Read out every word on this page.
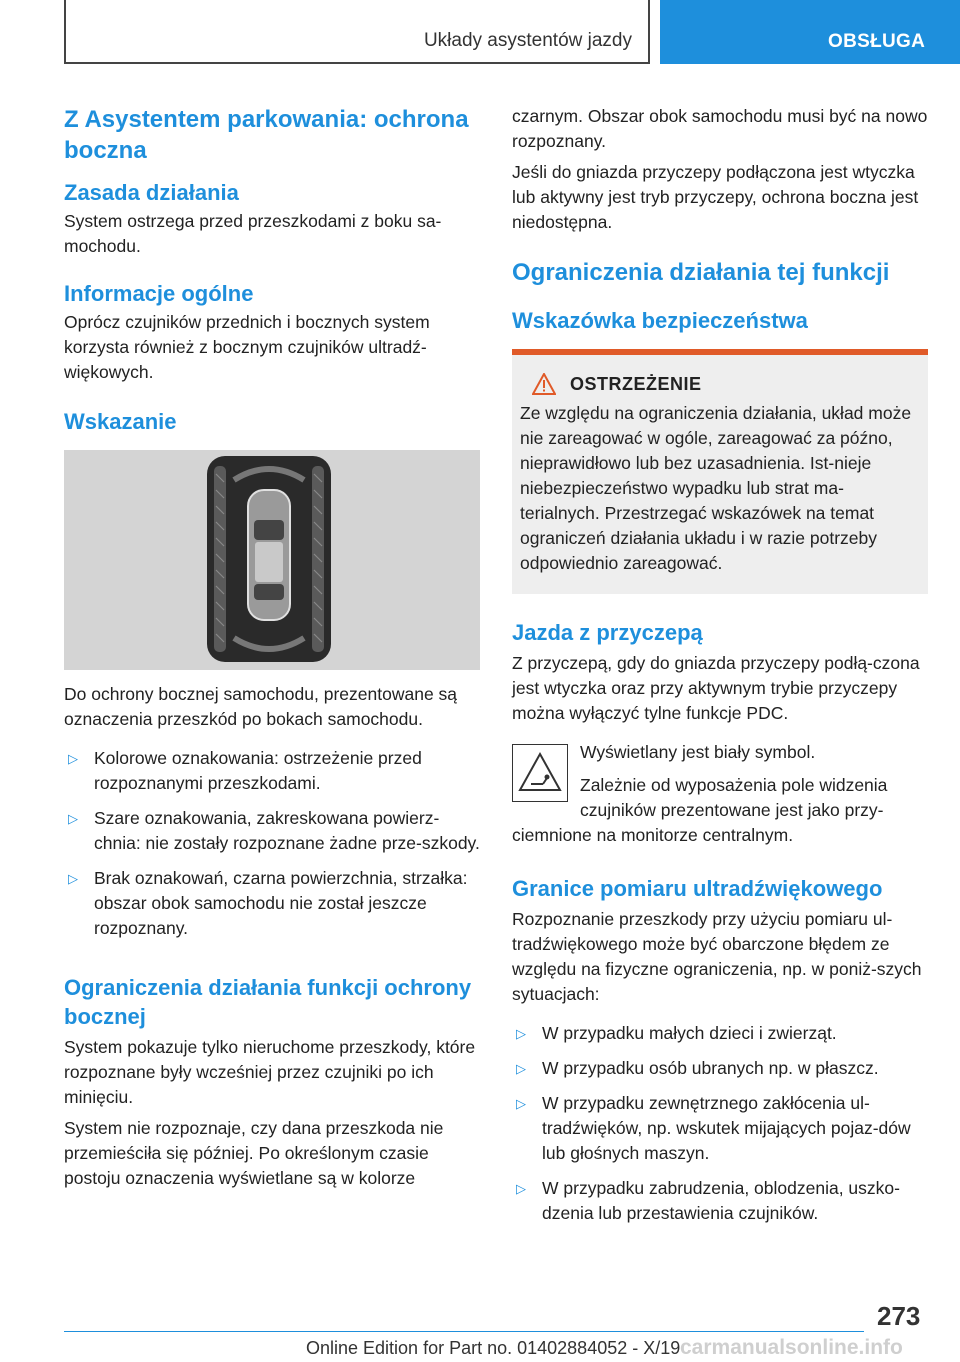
Układy asystentów jazdy	OBSŁUGA
Z Asystentem parkowania: ochrona boczna
Zasada działania
System ostrzega przed przeszkodami z boku sa-mochodu.
Informacje ogólne
Oprócz czujników przednich i bocznych system korzysta również z bocznym czujników ultradź-więkowych.
Wskazanie
Do ochrony bocznej samochodu, prezentowane są oznaczenia przeszkód po bokach samochodu.
▷ Kolorowe oznakowania: ostrzeżenie przed rozpoznanymi przeszkodami.
▷ Szare oznakowania, zakreskowana powierz-chnia: nie zostały rozpoznane żadne prze-szkody.
▷ Brak oznakowań, czarna powierzchnia, strzałka: obszar obok samochodu nie został jeszcze rozpoznany.
Ograniczenia działania funkcji ochrony bocznej
System pokazuje tylko nieruchome przeszkody, które rozpoznane były wcześniej przez czujniki po ich minięciu.
System nie rozpoznaje, czy dana przeszkoda nie przemieściła się później. Po określonym czasie postoju oznaczenia wyświetlane są w kolorze
czarnym. Obszar obok samochodu musi być na nowo rozpoznany.
Jeśli do gniazda przyczepy podłączona jest wtyczka lub aktywny jest tryb przyczepy, ochrona boczna jest niedostępna.
Ograniczenia działania tej funkcji
Wskazówka bezpieczeństwa
OSTRZEŻENIE
Ze względu na ograniczenia działania, układ może nie zareagować w ogóle, zareagować za późno, nieprawidłowo lub bez uzasadnienia. Ist-nieje niebezpieczeństwo wypadku lub strat ma-terialnych. Przestrzegać wskazówek na temat ograniczeń działania układu i w razie potrzeby odpowiednio zareagować.
Jazda z przyczepą
Z przyczepą, gdy do gniazda przyczepy podłą-czona jest wtyczka oraz przy aktywnym trybie przyczepy można wyłączyć tylne funkcje PDC.
Wyświetlany jest biały symbol.
Zależnie od wyposażenia pole widzenia czujników prezentowane jest jako przy-
ciemnione na monitorze centralnym.
Granice pomiaru ultradźwiękowego
Rozpoznanie przeszkody przy użyciu pomiaru ul-tradźwiękowego może być obarczone błędem ze względu na fizyczne ograniczenia, np. w poniż-szych sytuacjach:
▷ W przypadku małych dzieci i zwierząt.
▷ W przypadku osób ubranych np. w płaszcz.
▷ W przypadku zewnętrznego zakłócenia ul-tradźwięków, np. wskutek mijających pojaz-dów lub głośnych maszyn.
▷ W przypadku zabrudzenia, oblodzenia, uszko-dzenia lub przestawienia czujników.
273
Online Edition for Part no. 01402884052 - X/19 carmanualsonline.info
